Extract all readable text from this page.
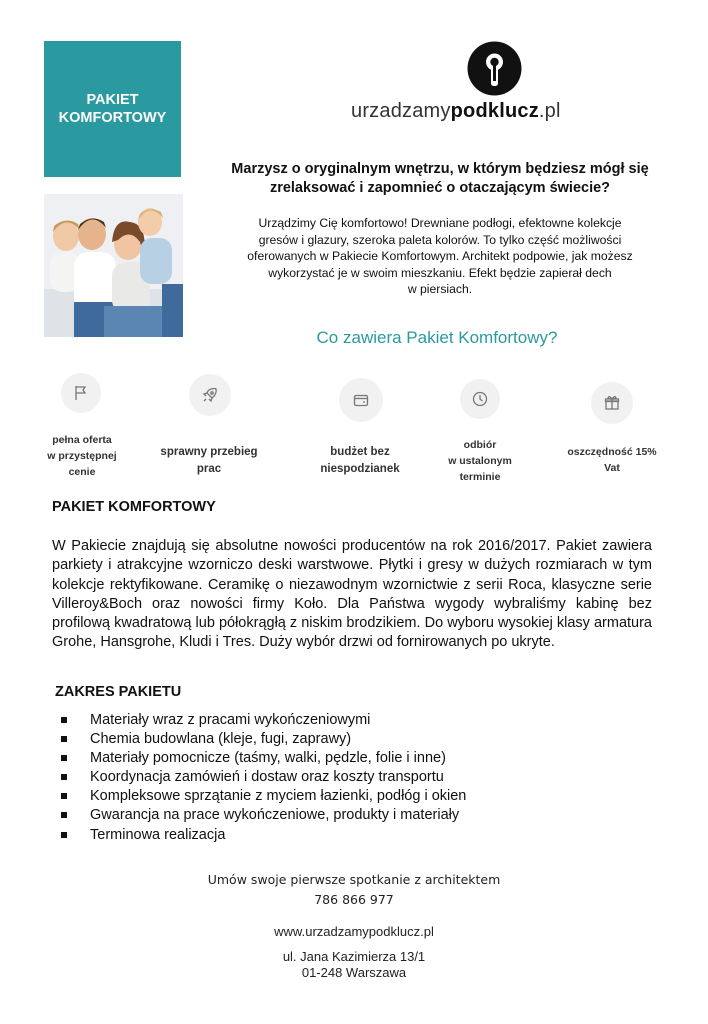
PAKIET
KOMFORTOWY	urzadzamypodklucz.pl
Marzysz o oryginalnym wnętrzu, w którym będziesz mógł się zrelaksować i zapomnieć o otaczającym świecie?
Urządzimy Cię komfortowo! Drewniane podłogi, efektowne kolekcje
gresów i glazury, szeroka paleta kolorów. To tylko część możliwości
oferowanych w Pakiecie Komfortowym. Architekt podpowie, jak możesz
wykorzystać je w swoim mieszkaniu. Efekt będzie zapierał dech
w piersiach.
Co zawiera Pakiet Komfortowy?
pełna oferta
w przystępnej
cenie
sprawny przebieg
prac
budżet bez
niespodzianek
odbiór
w ustalonym
terminie
oszczędność 15%
Vat
PAKIET KOMFORTOWY
W Pakiecie znajdują się absolutne nowości producentów na rok 2016/2017. Pakiet zawiera parkiety i atrakcyjne wzorniczo deski warstwowe. Płytki i gresy w dużych rozmiarach w tym kolekcje rektyfikowane. Ceramikę o niezawodnym wzornictwie z serii Roca, klasyczne serie Villeroy&Boch oraz nowości firmy Koło. Dla Państwa wygody wybraliśmy kabinę bez profilową kwadratową lub półokrągłą z niskim brodzikiem. Do wyboru wysokiej klasy armatura Grohe, Hansgrohe, Kludi i Tres. Duży wybór drzwi od fornirowanych po ukryte.
ZAKRES PAKIETU
Materiały wraz z pracami wykończeniowymi
Chemia budowlana (kleje, fugi, zaprawy)
Materiały pomocnicze (taśmy, walki, pędzle, folie i inne)
Koordynacja zamówień i dostaw oraz koszty transportu
Kompleksowe sprzątanie z myciem łazienki, podłóg i okien
Gwarancja na prace wykończeniowe, produkty i materiały
Terminowa realizacja
Umów swoje pierwsze spotkanie z architektem
786 866 977
www.urzadzamypodklucz.pl
ul. Jana Kazimierza 13/1
01-248 Warszawa
